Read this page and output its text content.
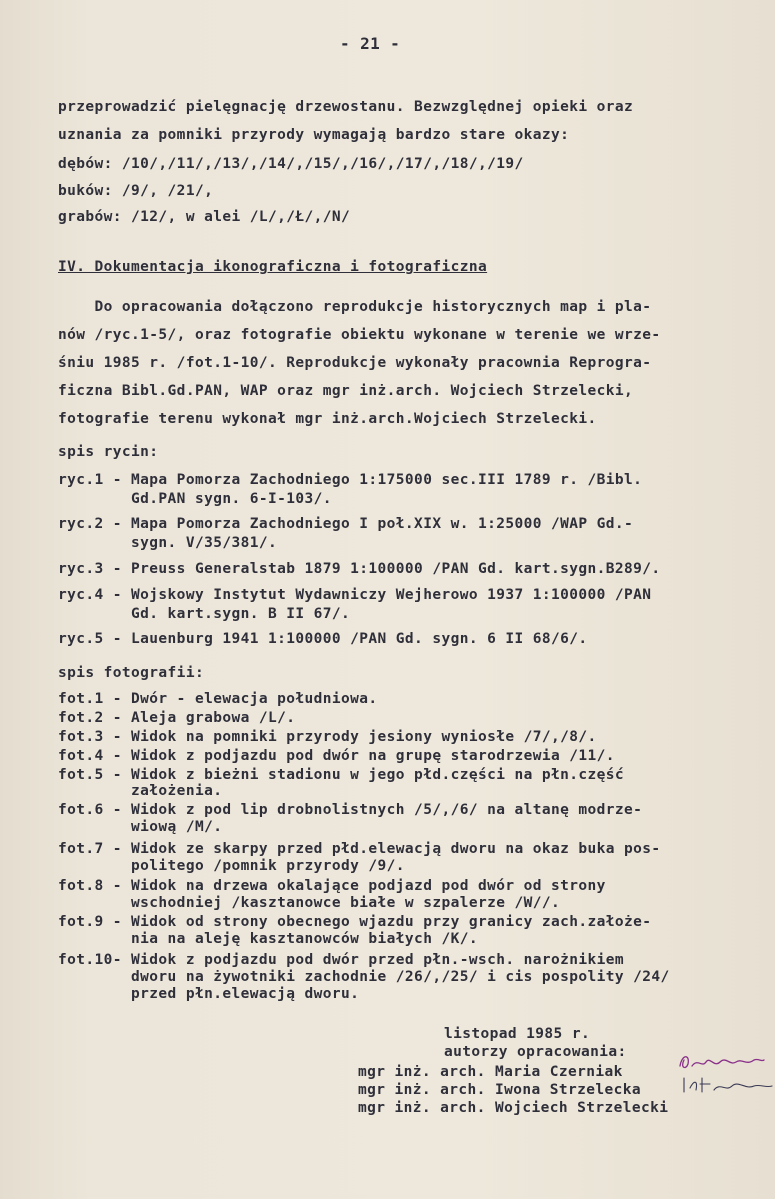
- 21 -
przeprowadzić pielęgnację drzewostanu. Bezwzględnej opieki oraz
uznania za pomniki przyrody wymagają bardzo stare okazy:
dębów: /10/,/11/,/13/,/14/,/15/,/16/,/17/,/18/,/19/
buków: /9/, /21/,
grabów: /12/, w alei /L/,/Ł/,/N/
IV. Dokumentacja ikonograficzna i fotograficzna
Do opracowania dołączono reprodukcje historycznych map i pla-
nów /ryc.1-5/, oraz fotografie obiektu wykonane w terenie we wrze-
śniu 1985 r. /fot.1-10/. Reprodukcje wykonały pracownia Reprogra-
ficzna Bibl.Gd.PAN, WAP oraz mgr inż.arch. Wojciech Strzelecki,
fotografie terenu wykonał mgr inż.arch.Wojciech Strzelecki.
spis rycin:
ryc.1 - Mapa Pomorza Zachodniego 1:175000 sec.III 1789 r. /Bibl.
Gd.PAN sygn. 6-I-103/.
ryc.2 - Mapa Pomorza Zachodniego I poł.XIX w. 1:25000 /WAP Gd.-
sygn. V/35/381/.
ryc.3 - Preuss Generalstab 1879 1:100000 /PAN Gd. kart.sygn.B289/.
ryc.4 - Wojskowy Instytut Wydawniczy Wejherowo 1937 1:100000 /PAN
Gd. kart.sygn. B II 67/.
ryc.5 - Lauenburg 1941 1:100000 /PAN Gd. sygn. 6 II 68/6/.
spis fotografii:
fot.1 - Dwór - elewacja południowa.
fot.2 - Aleja grabowa /L/.
fot.3 - Widok na pomniki przyrody jesiony wyniosłe /7/,/8/.
fot.4 - Widok z podjazdu pod dwór na grupę starodrzewia /11/.
fot.5 - Widok z bieżni stadionu w jego płd.części na płn.część
założenia.
fot.6 - Widok z pod lip drobnolistnych /5/,/6/ na altanę modrze-
wiową /M/.
fot.7 - Widok ze skarpy przed płd.elewacją dworu na okaz buka pos-
politego /pomnik przyrody /9/.
fot.8 - Widok na drzewa okalające podjazd pod dwór od strony
wschodniej /kasztanowce białe w szpalerze /W//.
fot.9 - Widok od strony obecnego wjazdu przy granicy zach.założe-
nia na aleję kasztanowców białych /K/.
fot.10- Widok z podjazdu pod dwór przed płn.-wsch. narożnikiem
dworu na żywotniki zachodnie /26/,/25/ i cis pospolity /24/
przed płn.elewacją dworu.
listopad 1985 r.
autorzy opracowania:
mgr inż. arch. Maria Czerniak
mgr inż. arch. Iwona Strzelecka
mgr inż. arch. Wojciech Strzelecki
